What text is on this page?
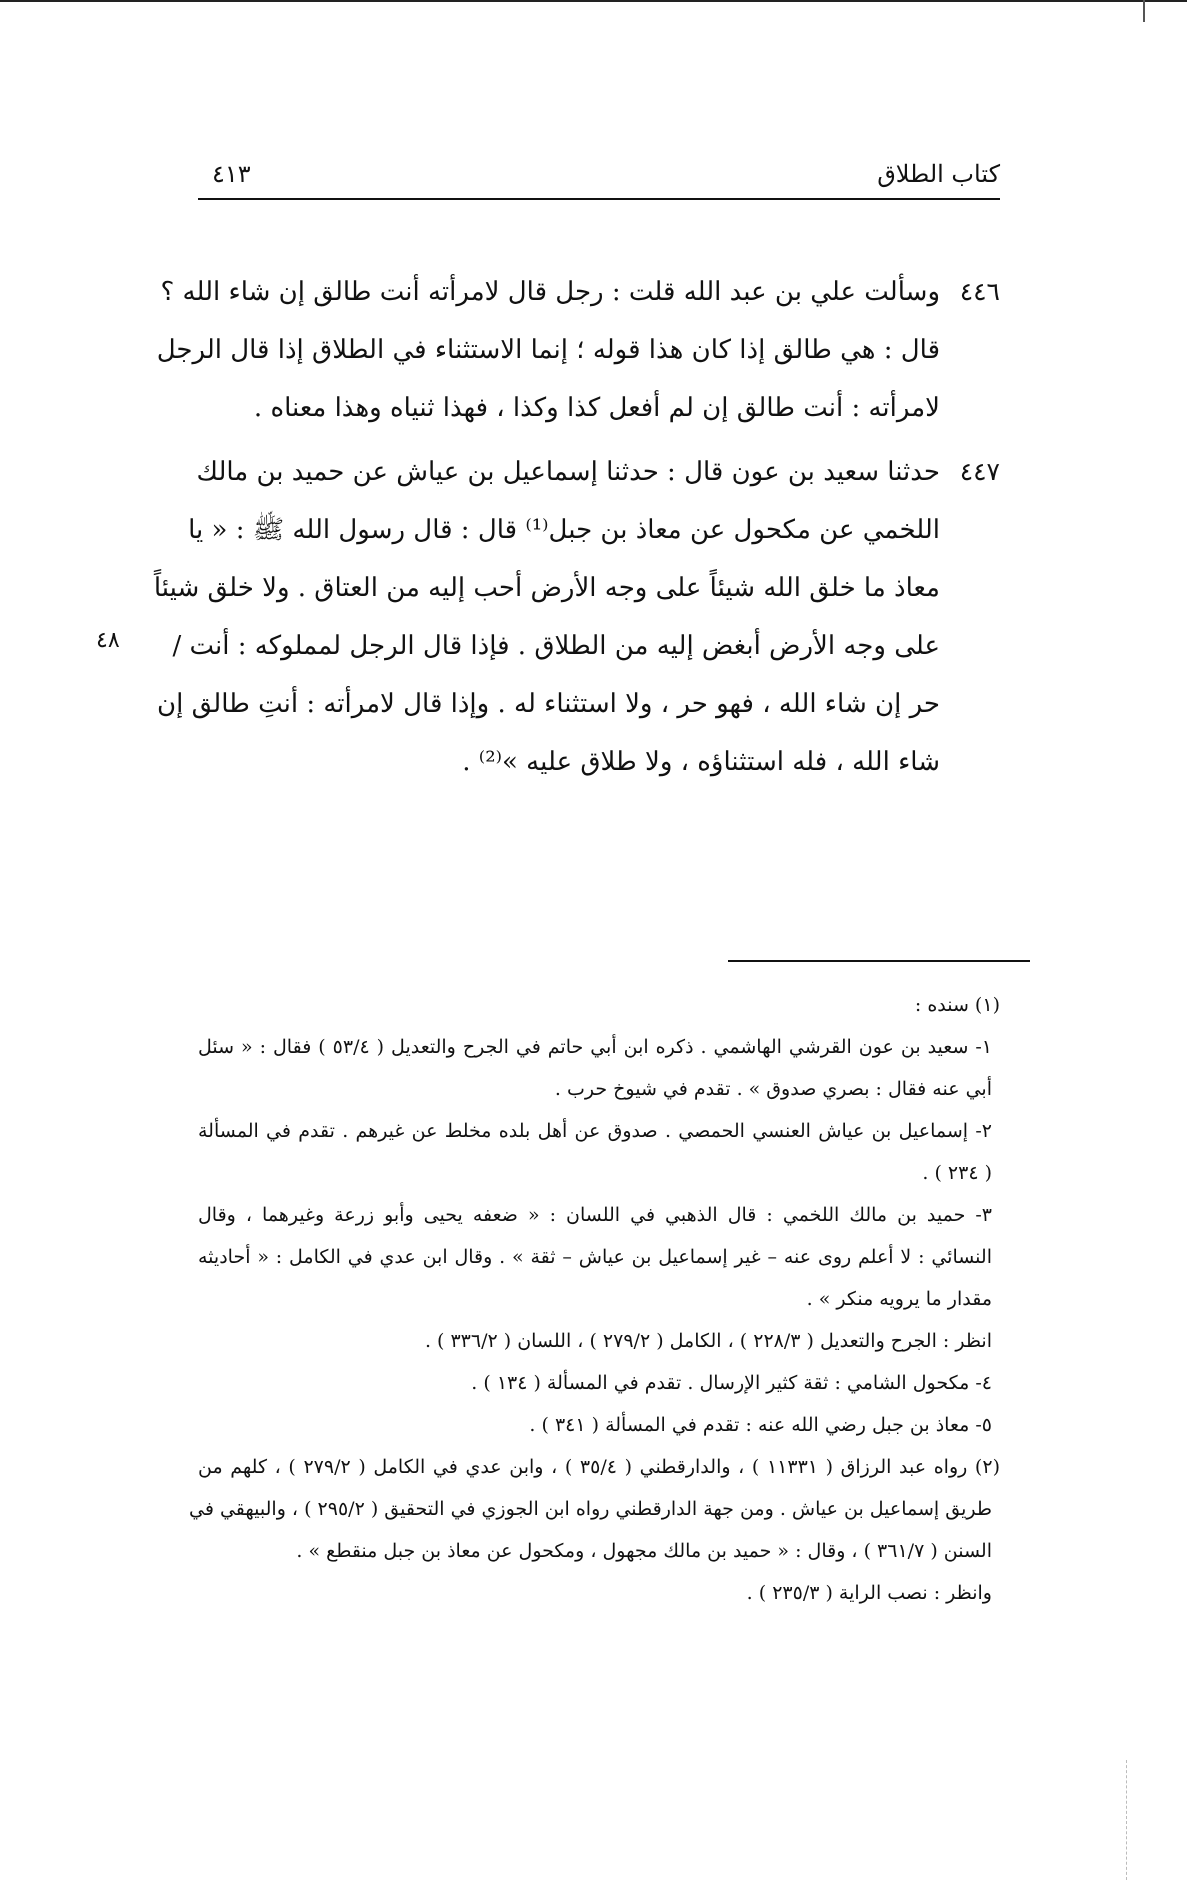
كتاب الطلاق
٤١٣
٤٤٦
وسألت علي بن عبد الله قلت : رجل قال لامرأته أنت طالق إن شاء الله ؟
قال : هي طالق إذا كان هذا قوله ؛ إنما الاستثناء في الطلاق إذا قال الرجل
لامرأته : أنت طالق إن لم أفعل كذا وكذا ، فهذا ثنياه وهذا معناه .
٤٤٧
حدثنا سعيد بن عون قال : حدثنا إسماعيل بن عياش عن حميد بن مالك
اللخمي عن مكحول عن معاذ بن جبل⁽¹⁾ قال : قال رسول الله ﷺ : « يا
معاذ ما خلق الله شيئاً على وجه الأرض أحب إليه من العتاق . ولا خلق شيئاً
على وجه الأرض أبغض إليه من الطلاق . فإذا قال الرجل لمملوكه : أنت /
حر إن شاء الله ، فهو حر ، ولا استثناء له . وإذا قال لامرأته : أنتِ طالق إن
شاء الله ، فله استثناؤه ، ولا طلاق عليه »⁽²⁾ .
٤٨
(١) سنده :
١- سعيد بن عون القرشي الهاشمي . ذكره ابن أبي حاتم في الجرح والتعديل ( ٥٣/٤ ) فقال : « سئل
أبي عنه فقال : بصري صدوق » . تقدم في شيوخ حرب .
٢- إسماعيل بن عياش العنسي الحمصي . صدوق عن أهل بلده مخلط عن غيرهم . تقدم في المسألة
( ٢٣٤ ) .
٣- حميد بن مالك اللخمي : قال الذهبي في اللسان : « ضعفه يحيى وأبو زرعة وغيرهما ، وقال
النسائي : لا أعلم روى عنه – غير إسماعيل بن عياش – ثقة » . وقال ابن عدي في الكامل : « أحاديثه
مقدار ما يرويه منكر » .
انظر : الجرح والتعديل ( ٢٢٨/٣ ) ، الكامل ( ٢٧٩/٢ ) ، اللسان ( ٣٣٦/٢ ) .
٤- مكحول الشامي : ثقة كثير الإرسال . تقدم في المسألة ( ١٣٤ ) .
٥- معاذ بن جبل رضي الله عنه : تقدم في المسألة ( ٣٤١ ) .
(٢) رواه عبد الرزاق ( ١١٣٣١ ) ، والدارقطني ( ٣٥/٤ ) ، وابن عدي في الكامل ( ٢٧٩/٢ ) ، كلهم من
طريق إسماعيل بن عياش . ومن جهة الدارقطني رواه ابن الجوزي في التحقيق ( ٢٩٥/٢ ) ، والبيهقي في
السنن ( ٣٦١/٧ ) ، وقال : « حميد بن مالك مجهول ، ومكحول عن معاذ بن جبل منقطع » .
وانظر : نصب الراية ( ٢٣٥/٣ ) .
